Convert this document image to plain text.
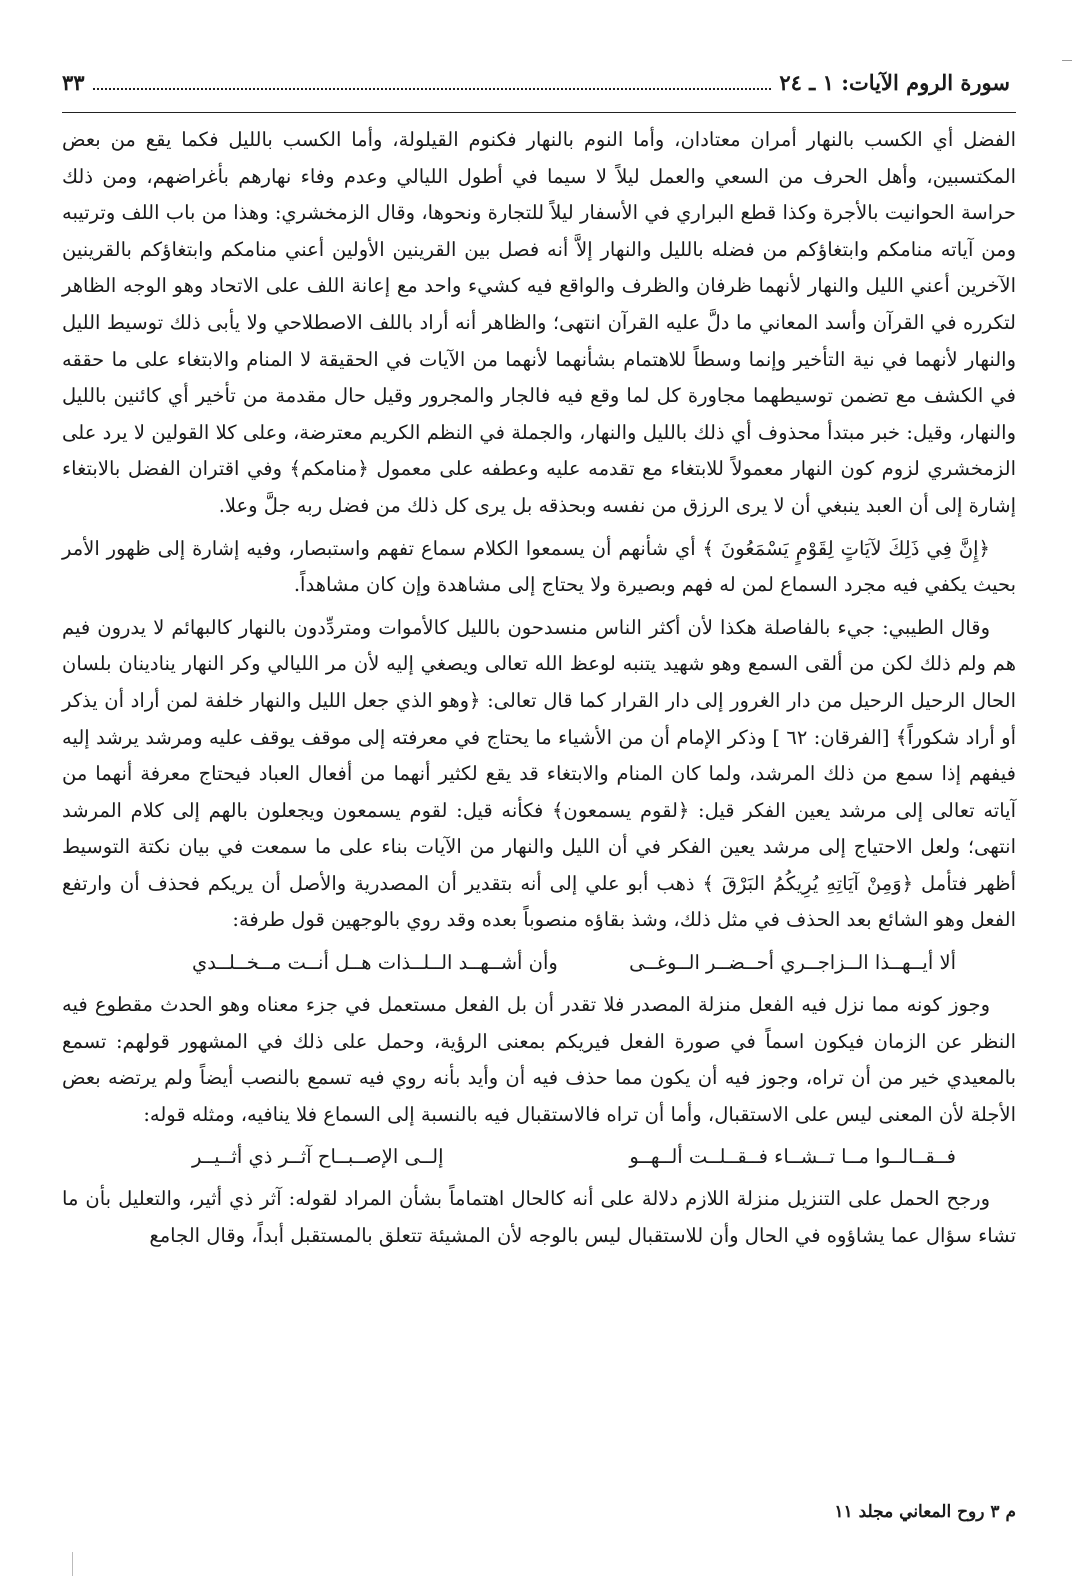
سورة الروم الآيات: ١ ـ ٢٤
٣٣

الفضل أي الكسب بالنهار أمران معتادان، وأما النوم بالنهار فكنوم القيلولة، وأما الكسب بالليل فكما يقع من بعض المكتسبين، وأهل الحرف من السعي والعمل ليلاً لا سيما في أطول الليالي وعدم وفاء نهارهم بأغراضهم، ومن ذلك حراسة الحوانيت بالأجرة وكذا قطع البراري في الأسفار ليلاً للتجارة ونحوها، وقال الزمخشري: وهذا من باب اللف وترتيبه ومن آياته منامكم وابتغاؤكم من فضله بالليل والنهار إلاَّ أنه فصل بين القرينين الأولين أعني منامكم وابتغاؤكم بالقرينين الآخرين أعني الليل والنهار لأنهما ظرفان والظرف والواقع فيه كشيء واحد مع إعانة اللف على الاتحاد وهو الوجه الظاهر لتكرره في القرآن وأسد المعاني ما دلَّ عليه القرآن انتهى؛ والظاهر أنه أراد باللف الاصطلاحي ولا يأبى ذلك توسيط الليل والنهار لأنهما في نية التأخير وإنما وسطاً للاهتمام بشأنهما لأنهما من الآيات في الحقيقة لا المنام والابتغاء على ما حققه في الكشف مع تضمن توسيطهما مجاورة كل لما وقع فيه فالجار والمجرور وقيل حال مقدمة من تأخير أي كائنين بالليل والنهار، وقيل: خبر مبتدأ محذوف أي ذلك بالليل والنهار، والجملة في النظم الكريم معترضة، وعلى كلا القولين لا يرد على الزمخشري لزوم كون النهار معمولاً للابتغاء مع تقدمه عليه وعطفه على معمول ﴿منامكم﴾ وفي اقتران الفضل بالابتغاء إشارة إلى أن العبد ينبغي أن لا يرى الرزق من نفسه وبحذقه بل يرى كل ذلك من فضل ربه جلَّ وعلا.

﴿إِنَّ فِي ذَلِكَ لآيَاتٍ لِقَوْمٍ يَسْمَعُونَ ﴾ أي شأنهم أن يسمعوا الكلام سماع تفهم واستبصار، وفيه إشارة إلى ظهور الأمر بحيث يكفي فيه مجرد السماع لمن له فهم وبصيرة ولا يحتاج إلى مشاهدة وإن كان مشاهداً.

وقال الطيبي: جيء بالفاصلة هكذا لأن أكثر الناس منسدحون بالليل كالأموات ومتردِّدون بالنهار كالبهائم لا يدرون فيم هم ولم ذلك لكن من ألقى السمع وهو شهيد يتنبه لوعظ الله تعالى ويصغي إليه لأن مر الليالي وكر النهار ينادينان بلسان الحال الرحيل الرحيل من دار الغرور إلى دار القرار كما قال تعالى: ﴿وهو الذي جعل الليل والنهار خلفة لمن أراد أن يذكر أو أراد شكوراً﴾ [الفرقان: ٦٢ ] وذكر الإمام أن من الأشياء ما يحتاج في معرفته إلى موقف يوقف عليه ومرشد يرشد إليه فيفهم إذا سمع من ذلك المرشد، ولما كان المنام والابتغاء قد يقع لكثير أنهما من أفعال العباد فيحتاج معرفة أنهما من آياته تعالى إلى مرشد يعين الفكر قيل: ﴿لقوم يسمعون﴾ فكأنه قيل: لقوم يسمعون ويجعلون بالهم إلى كلام المرشد انتهى؛ ولعل الاحتياج إلى مرشد يعين الفكر في أن الليل والنهار من الآيات بناء على ما سمعت في بيان نكتة التوسيط أظهر فتأمل ﴿وَمِنْ آيَاتِهِ يُرِيكُمُ البَرْقَ ﴾ ذهب أبو علي إلى أنه بتقدير أن المصدرية والأصل أن يريكم فحذف أن وارتفع الفعل وهو الشائع بعد الحذف في مثل ذلك، وشذ بقاؤه منصوباً بعده وقد روي بالوجهين قول طرفة:

ألا أيــهــذا الــزاجــري أحــضــر الــوغــى
وأن أشــهــد الــلــذات هــل أنــت مــخــلــدي

وجوز كونه مما نزل فيه الفعل منزلة المصدر فلا تقدر أن بل الفعل مستعمل في جزء معناه وهو الحدث مقطوع فيه النظر عن الزمان فيكون اسماً في صورة الفعل فيريكم بمعنى الرؤية، وحمل على ذلك في المشهور قولهم: تسمع بالمعيدي خير من أن تراه، وجوز فيه أن يكون مما حذف فيه أن وأيد بأنه روي فيه تسمع بالنصب أيضاً ولم يرتضه بعض الأجلة لأن المعنى ليس على الاستقبال، وأما أن تراه فالاستقبال فيه بالنسبة إلى السماع فلا ينافيه، ومثله قوله:

فــقــالــوا مــا تــشــاء فــقــلــت ألــهــو
إلــى الإصــبــاح آثــر ذي أثــيــر

ورجح الحمل على التنزيل منزلة اللازم دلالة على أنه كالحال اهتماماً بشأن المراد لقوله: آثر ذي أثير، والتعليل بأن ما تشاء سؤال عما يشاؤوه في الحال وأن للاستقبال ليس بالوجه لأن المشيئة تتعلق بالمستقبل أبداً، وقال الجامع

م ٣ روح المعاني مجلد ١١
